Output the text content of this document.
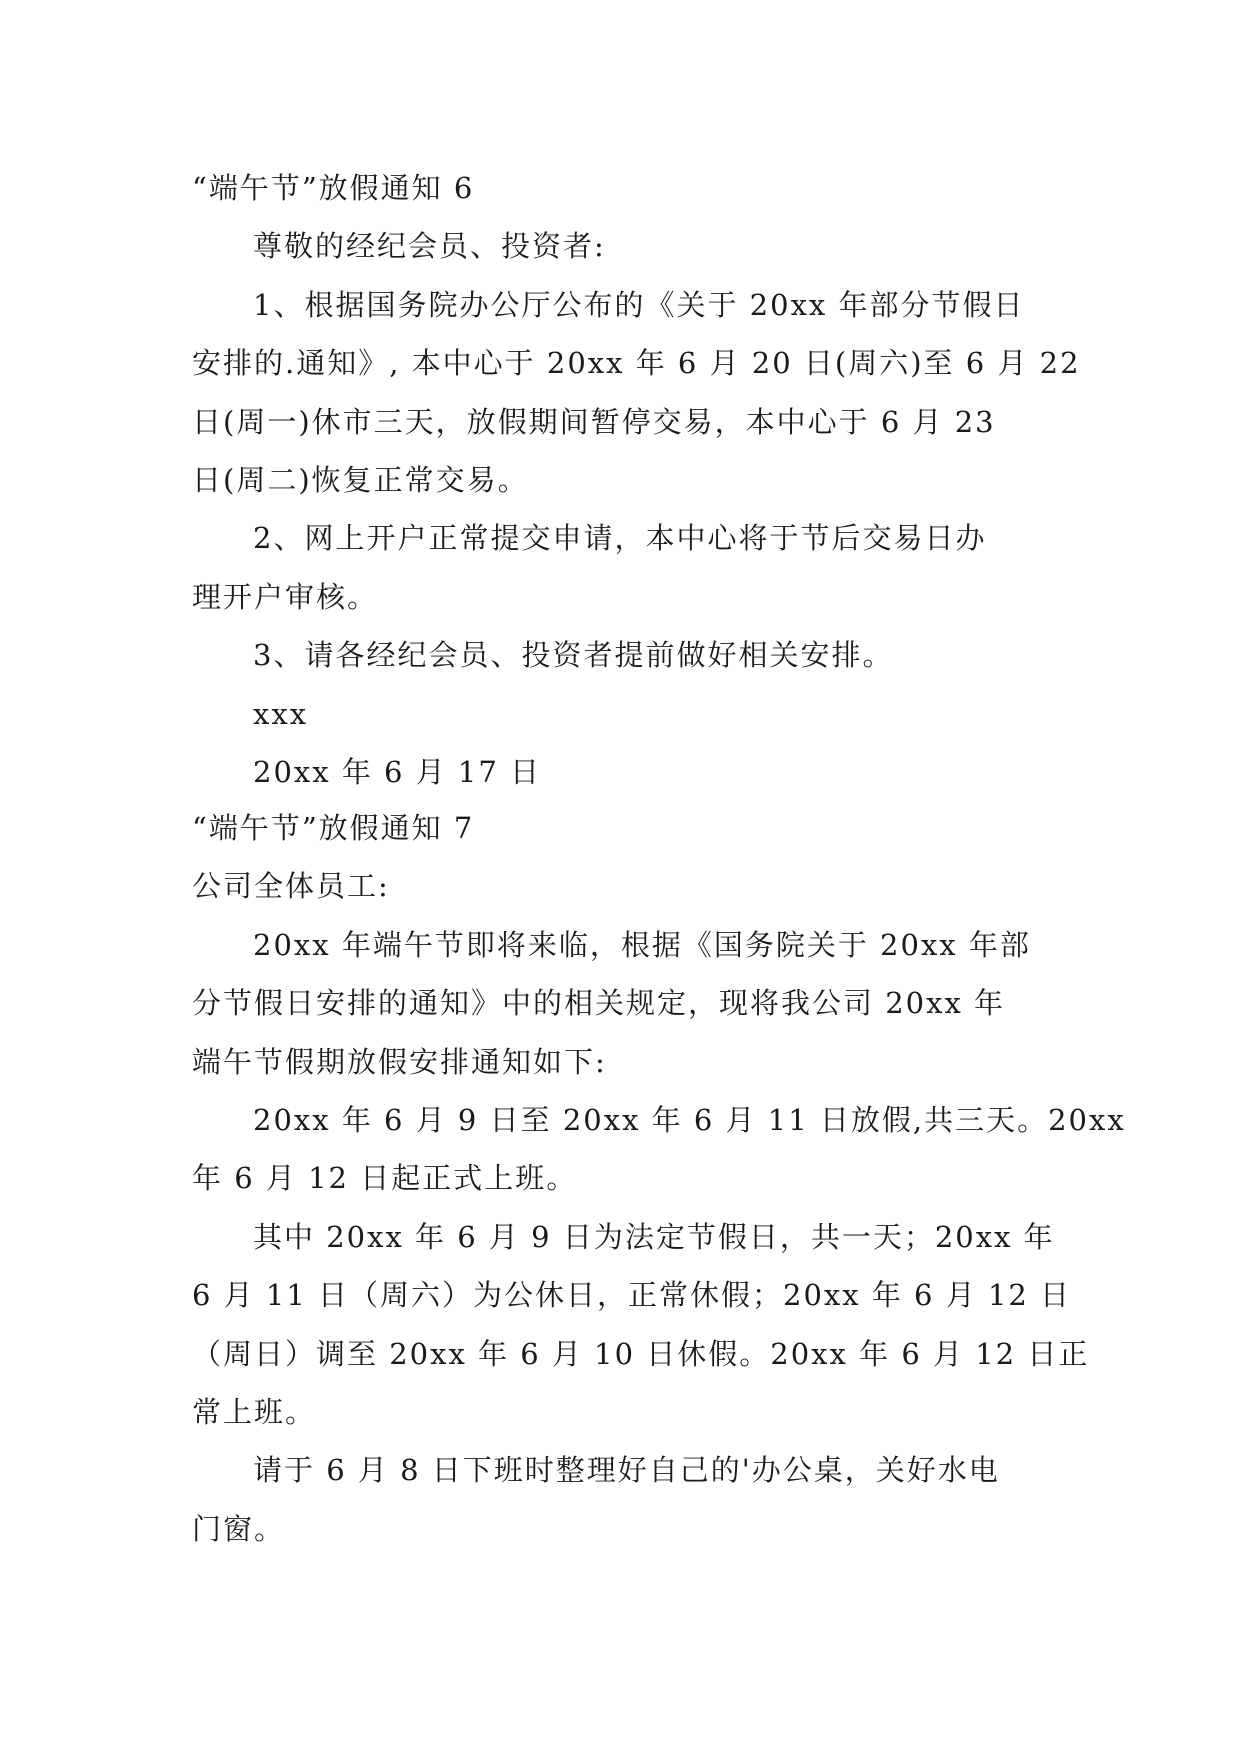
“端午节”放假通知 6
尊敬的经纪会员、投资者:
1、根据国务院办公厅公布的《关于 20xx 年部分节假日
安排的.通知》, 本中心于 20xx 年 6 月 20 日(周六)至 6 月 22
日(周一)休市三天，放假期间暂停交易，本中心于 6 月 23
日(周二)恢复正常交易。
2、网上开户正常提交申请，本中心将于节后交易日办
理开户审核。
3、请各经纪会员、投资者提前做好相关安排。
xxx
20xx 年 6 月 17 日
“端午节”放假通知 7
公司全体员工:
20xx 年端午节即将来临，根据《国务院关于 20xx 年部
分节假日安排的通知》中的相关规定，现将我公司 20xx 年
端午节假期放假安排通知如下:
20xx 年 6 月 9 日至 20xx 年 6 月 11 日放假,共三天。20xx
年 6 月 12 日起正式上班。
其中 20xx 年 6 月 9 日为法定节假日，共一天；20xx 年
6 月 11 日（周六）为公休日，正常休假；20xx 年 6 月 12 日
（周日）调至 20xx 年 6 月 10 日休假。20xx 年 6 月 12 日正
常上班。
请于 6 月 8 日下班时整理好自己的'办公桌，关好水电
门窗。
